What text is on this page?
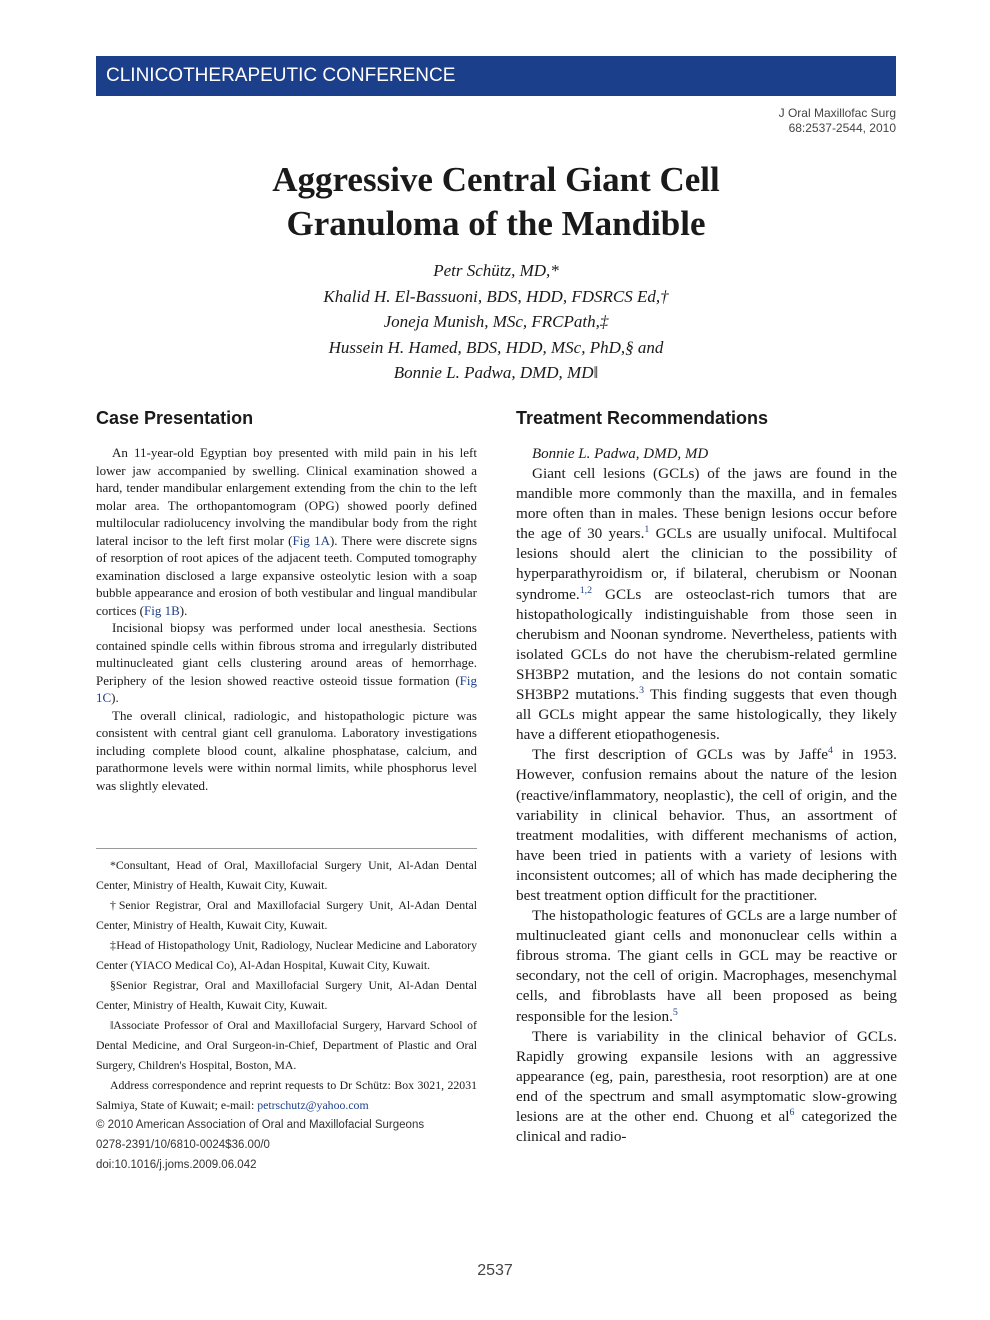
CLINICOTHERAPEUTIC CONFERENCE
J Oral Maxillofac Surg
68:2537-2544, 2010
Aggressive Central Giant Cell
Granuloma of the Mandible
Petr Schütz, MD,*
Khalid H. El-Bassuoni, BDS, HDD, FDSRCS Ed,†
Joneja Munish, MSc, FRCPath,‡
Hussein H. Hamed, BDS, HDD, MSc, PhD,§ and
Bonnie L. Padwa, DMD, MD‖
Case Presentation

An 11-year-old Egyptian boy presented with mild pain in his left lower jaw accompanied by swelling. Clinical examination showed a hard, tender mandibular enlargement extending from the chin to the left molar area. The orthopantomogram (OPG) showed poorly defined multilocular radiolucency involving the mandibular body from the right lateral incisor to the left first molar (Fig 1A). There were discrete signs of resorption of root apices of the adjacent teeth. Computed tomography examination disclosed a large expansive osteolytic lesion with a soap bubble appearance and erosion of both vestibular and lingual mandibular cortices (Fig 1B).

Incisional biopsy was performed under local anesthesia. Sections contained spindle cells within fibrous stroma and irregularly distributed multinucleated giant cells clustering around areas of hemorrhage. Periphery of the lesion showed reactive osteoid tissue formation (Fig 1C).

The overall clinical, radiologic, and histopathologic picture was consistent with central giant cell granuloma. Laboratory investigations including complete blood count, alkaline phosphatase, calcium, and parathormone levels were within normal limits, while phosphorus level was slightly elevated.

*Consultant, Head of Oral, Maxillofacial Surgery Unit, Al-Adan Dental Center, Ministry of Health, Kuwait City, Kuwait.

†Senior Registrar, Oral and Maxillofacial Surgery Unit, Al-Adan Dental Center, Ministry of Health, Kuwait City, Kuwait.

‡Head of Histopathology Unit, Radiology, Nuclear Medicine and Laboratory Center (YIACO Medical Co), Al-Adan Hospital, Kuwait City, Kuwait.

§Senior Registrar, Oral and Maxillofacial Surgery Unit, Al-Adan Dental Center, Ministry of Health, Kuwait City, Kuwait.

‖Associate Professor of Oral and Maxillofacial Surgery, Harvard School of Dental Medicine, and Oral Surgeon-in-Chief, Department of Plastic and Oral Surgery, Children's Hospital, Boston, MA.

Address correspondence and reprint requests to Dr Schütz: Box 3021, 22031 Salmiya, State of Kuwait; e-mail: petrschutz@yahoo.com

© 2010 American Association of Oral and Maxillofacial Surgeons
0278-2391/10/6810-0024$36.00/0
doi:10.1016/j.joms.2009.06.042
Treatment Recommendations
Bonnie L. Padwa, DMD, MD

Giant cell lesions (GCLs) of the jaws are found in the mandible more commonly than the maxilla, and in females more often than in males. These benign lesions occur before the age of 30 years.$^1$ GCLs are usually unifocal. Multifocal lesions should alert the clinician to the possibility of hyperparathyroidism or, if bilateral, cherubism or Noonan syndrome.$^{1,2}$ GCLs are osteoclast-rich tumors that are histopathologically indistinguishable from those seen in cherubism and Noonan syndrome. Nevertheless, patients with isolated GCLs do not have the cherubism-related germline SH3BP2 mutation, and the lesions do not contain somatic SH3BP2 mutations.$^3$ This finding suggests that even though all GCLs might appear the same histologically, they likely have a different etiopathogenesis.

The first description of GCLs was by Jaffe$^4$ in 1953. However, confusion remains about the nature of the lesion (reactive/inflammatory, neoplastic), the cell of origin, and the variability in clinical behavior. Thus, an assortment of treatment modalities, with different mechanisms of action, have been tried in patients with a variety of lesions with inconsistent outcomes; all of which has made deciphering the best treatment option difficult for the practitioner.

The histopathologic features of GCLs are a large number of multinucleated giant cells and mononuclear cells within a fibrous stroma. The giant cells in GCL may be reactive or secondary, not the cell of origin. Macrophages, mesenchymal cells, and fibroblasts have all been proposed as being responsible for the lesion.$^5$

There is variability in the clinical behavior of GCLs. Rapidly growing expansile lesions with an aggressive appearance (eg, pain, paresthesia, root resorption) are at one end of the spectrum and small asymptomatic slow-growing lesions are at the other end. Chuong et $al^6$ categorized the clinical and radio-

2537
